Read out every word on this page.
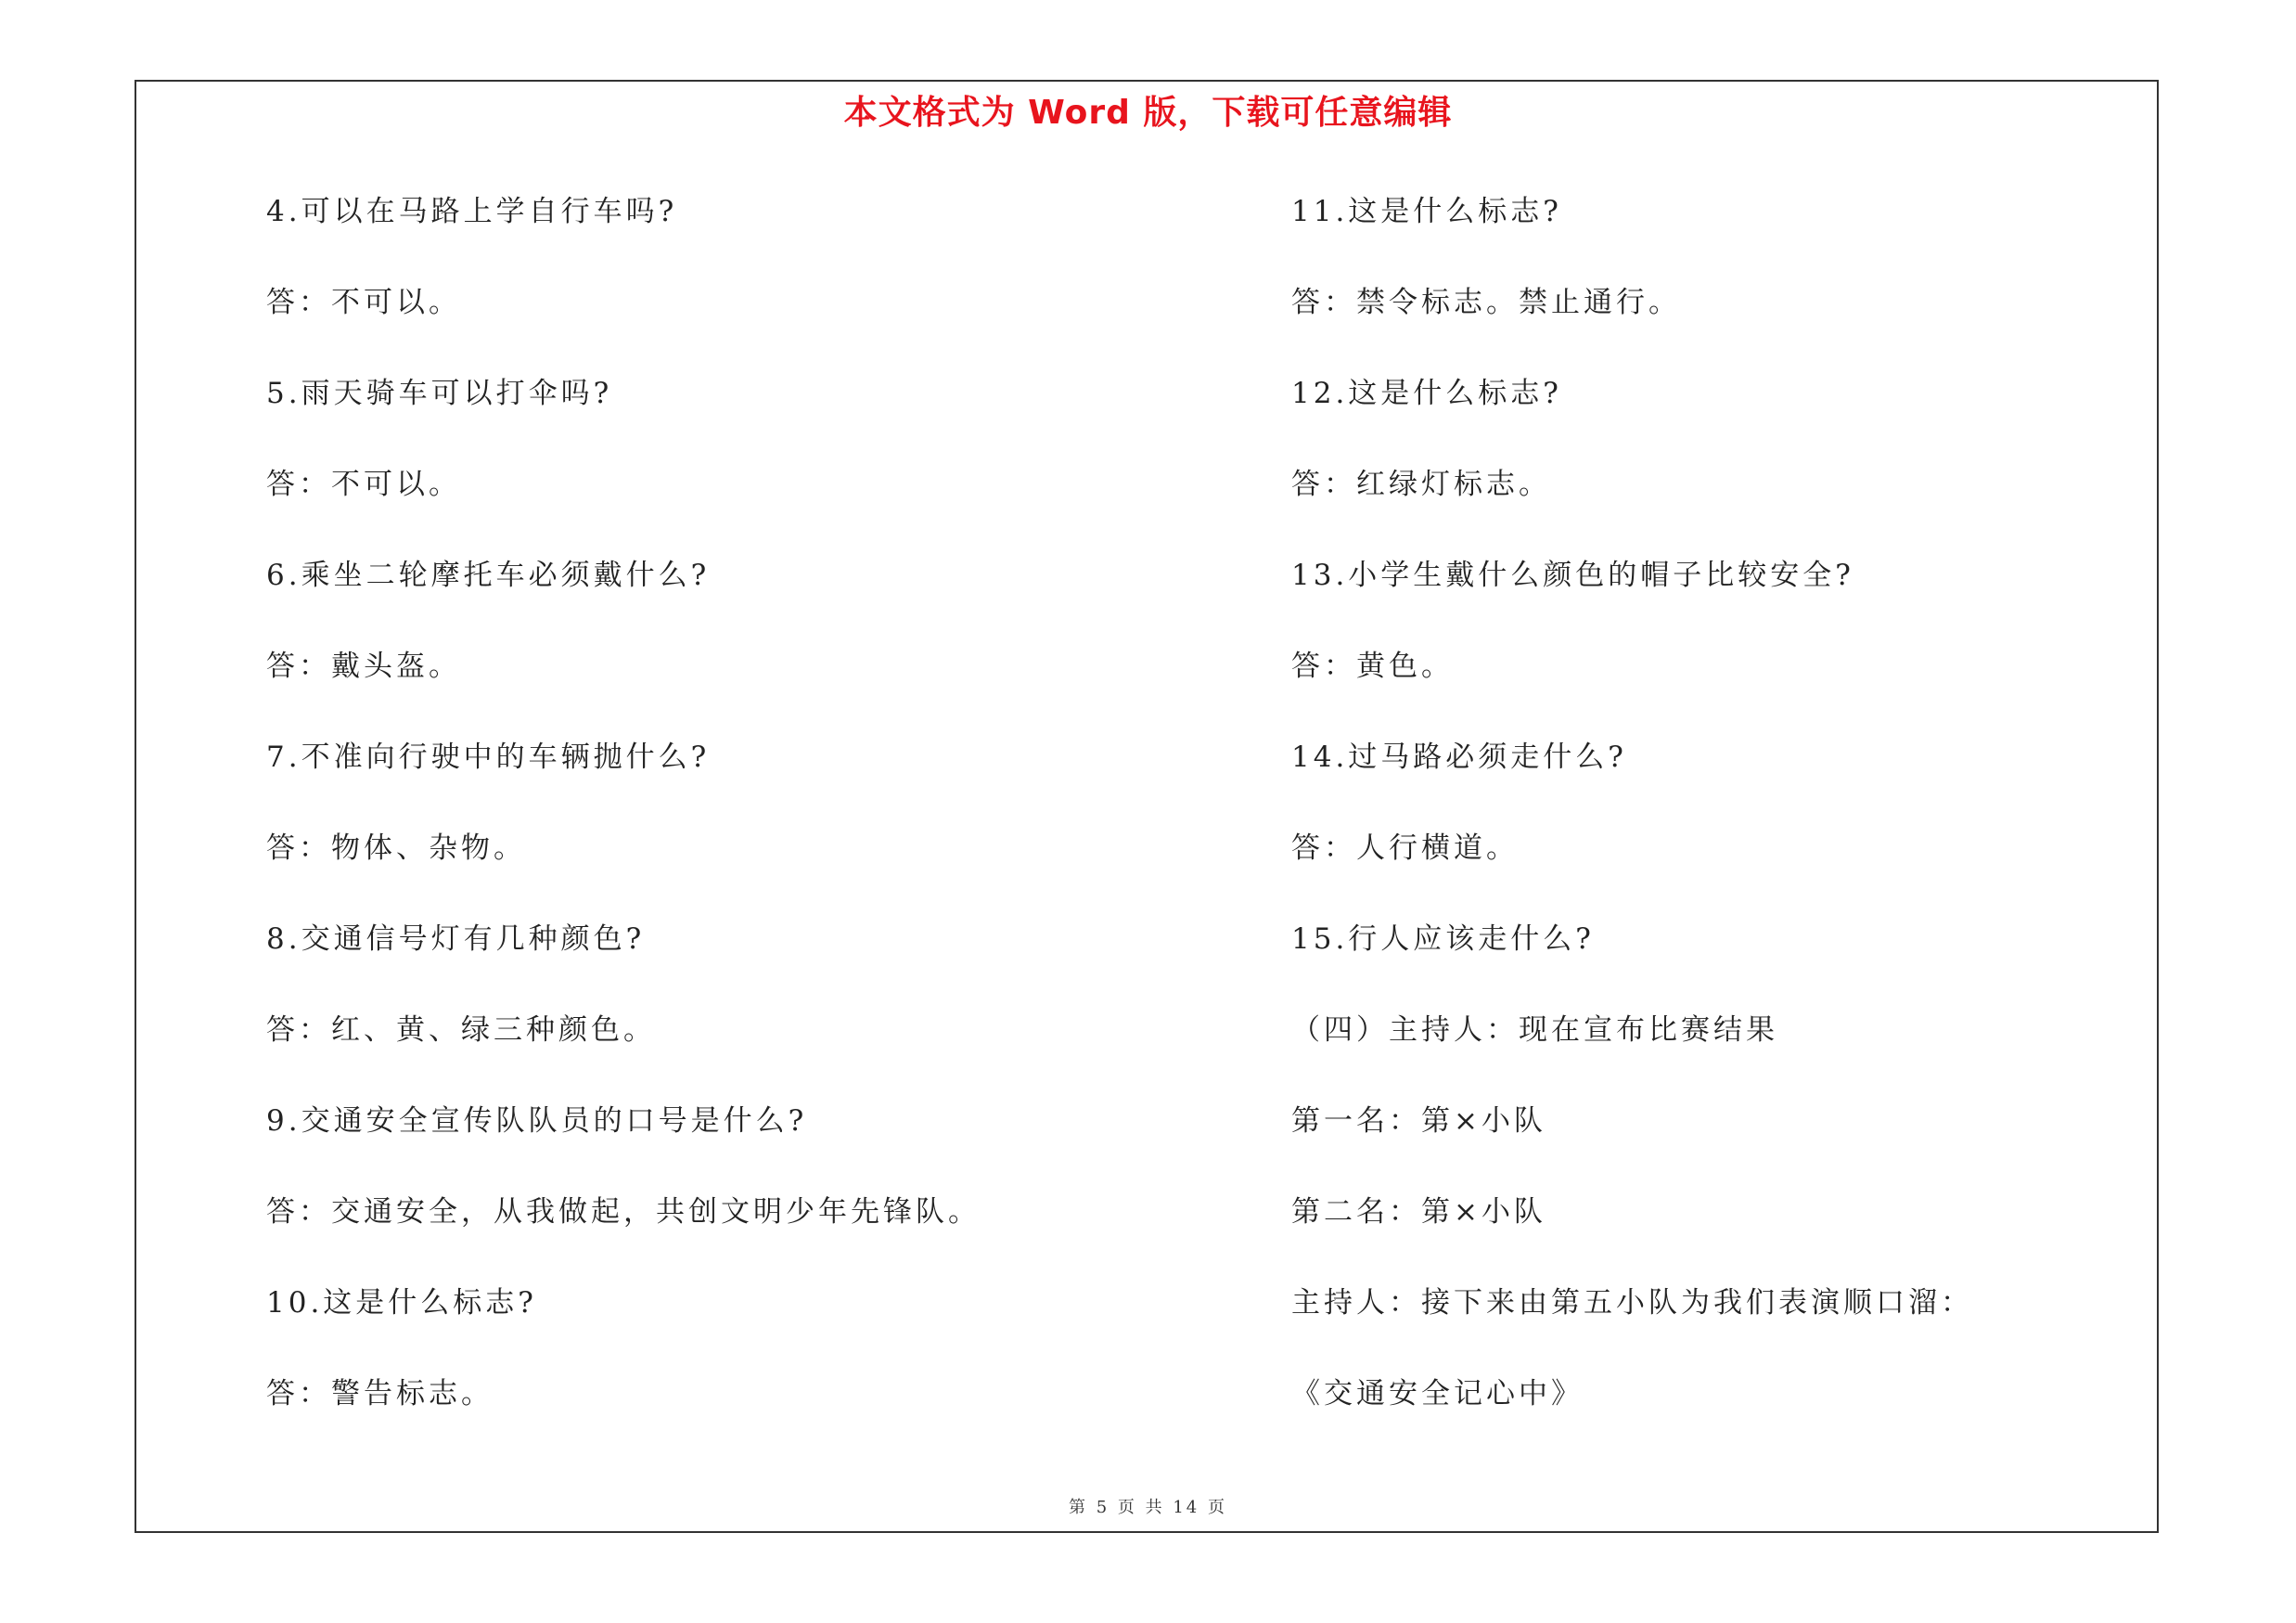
本文格式为 Word 版，下载可任意编辑
4.可以在马路上学自行车吗?
答：不可以。
5.雨天骑车可以打伞吗?
答：不可以。
6.乘坐二轮摩托车必须戴什么?
答：戴头盔。
7.不准向行驶中的车辆抛什么?
答：物体、杂物。
8.交通信号灯有几种颜色?
答：红、黄、绿三种颜色。
9.交通安全宣传队队员的口号是什么?
答：交通安全，从我做起，共创文明少年先锋队。
10.这是什么标志?
答：警告标志。
11.这是什么标志?
答：禁令标志。禁止通行。
12.这是什么标志?
答：红绿灯标志。
13.小学生戴什么颜色的帽子比较安全?
答：黄色。
14.过马路必须走什么?
答：人行横道。
15.行人应该走什么?
（四）主持人：现在宣布比赛结果
第一名：第×小队
第二名：第×小队
主持人：接下来由第五小队为我们表演顺口溜：
《交通安全记心中》
第 5 页 共 14 页
